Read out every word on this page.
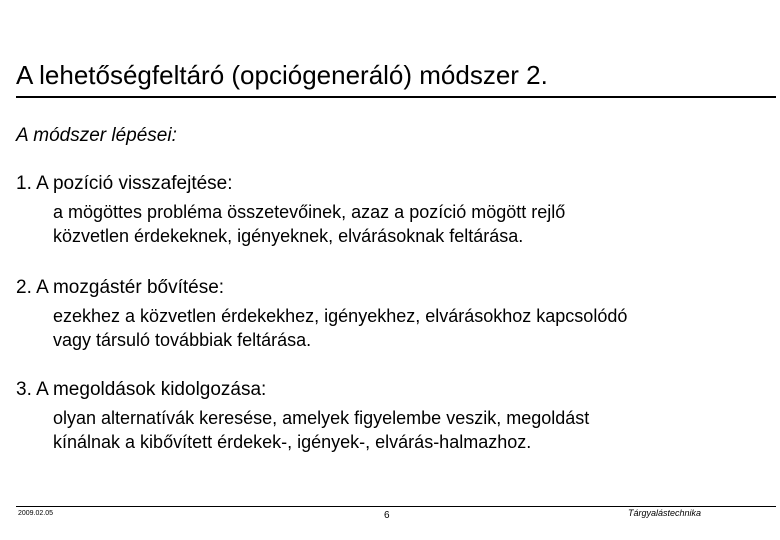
A lehetőségfeltáró (opciógeneráló) módszer 2.
A módszer lépései:
1. A pozíció visszafejtése:
a mögöttes probléma összetevőinek, azaz a pozíció mögött rejlő
közvetlen érdekeknek, igényeknek, elvárásoknak feltárása.
2. A mozgástér bővítése:
ezekhez a közvetlen érdekekhez, igényekhez, elvárásokhoz kapcsolódó
vagy társuló továbbiak feltárása.
3. A megoldások kidolgozása:
olyan alternatívák keresése, amelyek figyelembe veszik, megoldást
kínálnak a kibővített érdekek-, igények-, elvárás-halmazhoz.
2009.02.05	6	Tárgyalástechnika
